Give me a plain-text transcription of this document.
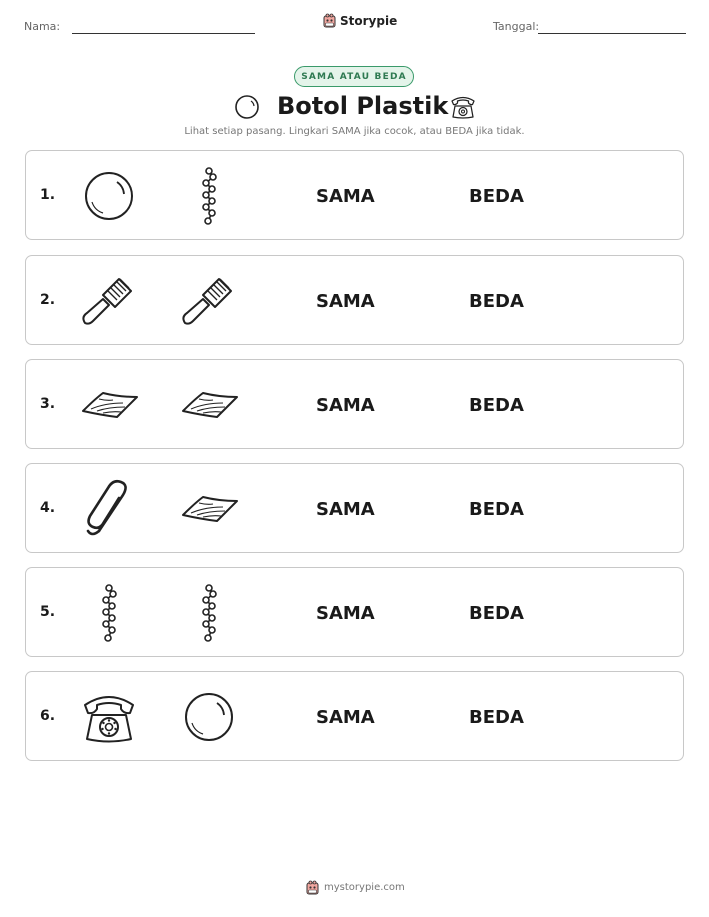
Nama:	Storypie	Tanggal:
SAMA ATAU BEDA
Botol Plastik
Lihat setiap pasang. Lingkari SAMA jika cocok, atau BEDA jika tidak.
1.	SAMA	BEDA
2.	SAMA	BEDA
3.	SAMA	BEDA
4.	SAMA	BEDA
5.	SAMA	BEDA
6.	SAMA	BEDA
mystorypie.com
